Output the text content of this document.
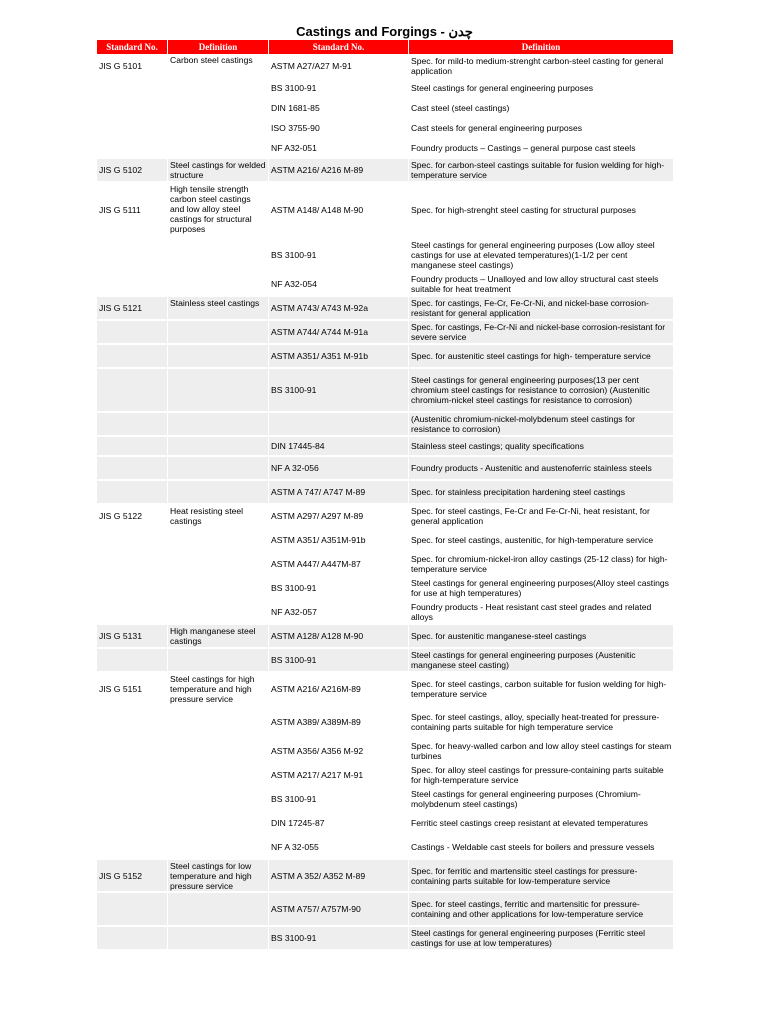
Castings and Forgings - چدن
Standard No.	Definition	Standard No.	Definition
JIS G 5101	Carbon steel castings	ASTM A27/A27 M-91	Spec. for mild-to medium-strenght carbon-steel casting for general application
		BS 3100-91	Steel castings for general engineering purposes
		DIN 1681-85	Cast steel (steel castings)
		ISO 3755-90	Cast steels for general engineering purposes
		NF A32-051	Foundry products – Castings – general purpose cast steels
JIS G 5102	Steel castings for welded structure	ASTM A216/ A216 M-89	Spec. for carbon-steel castings suitable for fusion welding for high-temperature service
JIS G 5111	High tensile strength carbon steel castings and low alloy steel castings for structural purposes	ASTM A148/ A148 M-90	Spec. for high-strenght steel casting for structural purposes
		BS 3100-91	Steel castings for general engineering purposes (Low alloy steel castings for use at elevated temperatures)(1-1/2 per cent manganese steel castings)
		NF A32-054	Foundry products – Unalloyed and low alloy structural cast steels suitable for heat treatment
JIS G 5121	Stainless steel castings	ASTM A743/ A743 M-92a	Spec. for castings, Fe-Cr, Fe-Cr-Ni, and nickel-base corrosion-resistant for general application
		ASTM A744/ A744 M-91a	Spec. for castings, Fe-Cr-Ni and nickel-base corrosion-resistant for severe service
		ASTM A351/ A351 M-91b	Spec. for austenitic steel castings for high- temperature service
		BS 3100-91	Steel castings for general engineering purposes(13 per cent chromium steel castings for resistance to corrosion) (Austenitic chromium-nickel steel castings for resistance to corrosion)
			(Austenitic chromium-nickel-molybdenum steel castings for resistance to corrosion)
		DIN 17445-84	Stainless steel castings; quality specifications
		NF A 32-056	Foundry products - Austenitic and austenoferric stainless steels
		ASTM A 747/ A747 M-89	Spec. for stainless precipitation hardening steel castings
JIS G 5122	Heat resisting steel castings	ASTM A297/ A297 M-89	Spec. for steel castings, Fe-Cr and Fe-Cr-Ni, heat resistant, for general application
		ASTM A351/ A351M-91b	Spec. for steel castings, austenitic, for high-temperature service
		ASTM A447/ A447M-87	Spec. for chromium-nickel-iron alloy castings (25-12 class) for high-temperature service
		BS 3100-91	Steel castings for general engineering purposes(Alloy steel castings for use at high temperatures)
		NF A32-057	Foundry products - Heat resistant cast steel grades and related alloys
JIS G 5131	High manganese steel castings	ASTM A128/ A128 M-90	Spec. for austenitic manganese-steel castings
		BS 3100-91	Steel castings for general engineering purposes (Austenitic manganese steel casting)
JIS G 5151	Steel castings for high temperature and high pressure service	ASTM A216/ A216M-89	Spec. for steel castings, carbon suitable for fusion welding for high-temperature service
		ASTM A389/ A389M-89	Spec. for steel castings, alloy, specially heat-treated for pressure-containing parts suitable for high temperature service
		ASTM A356/ A356 M-92	Spec. for heavy-walled carbon and low alloy steel castings for steam turbines
		ASTM A217/ A217 M-91	Spec. for alloy steel castings for pressure-containing parts suitable for high-temperature service
		BS 3100-91	Steel castings for general engineering purposes (Chromium-molybdenum steel castings)
		DIN 17245-87	Ferritic steel castings creep resistant at elevated temperatures
		NF A 32-055	Castings - Weldable cast steels for boilers and pressure vessels
JIS G 5152	Steel castings for low temperature and high pressure service	ASTM A 352/ A352 M-89	Spec. for ferritic and martensitic steel castings for pressure-containing parts suitable for low-temperature service
		ASTM A757/ A757M-90	Spec. for steel castings, ferritic and martensitic for pressure-containing and other applications for low-temperature service
		BS 3100-91	Steel castings for general engineering purposes (Ferritic steel castings for use at low temperatures)
